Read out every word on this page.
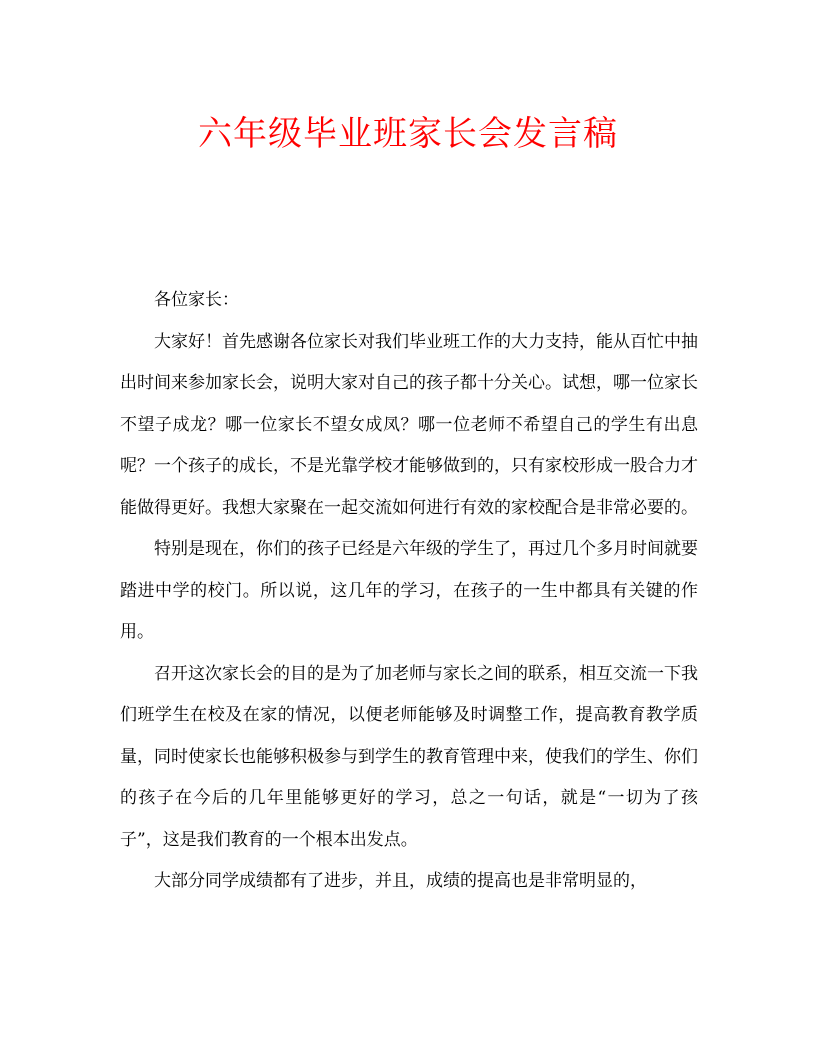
六年级毕业班家长会发言稿

各位家长：

大家好！首先感谢各位家长对我们毕业班工作的大力支持，能从百忙中抽出时间来参加家长会，说明大家对自己的孩子都十分关心。试想，哪一位家长不望子成龙？哪一位家长不望女成凤？哪一位老师不希望自己的学生有出息呢？一个孩子的成长，不是光靠学校才能够做到的，只有家校形成一股合力才能做得更好。我想大家聚在一起交流如何进行有效的家校配合是非常必要的。

特别是现在，你们的孩子已经是六年级的学生了，再过几个多月时间就要踏进中学的校门。所以说，这几年的学习，在孩子的一生中都具有关键的作用。

召开这次家长会的目的是为了加老师与家长之间的联系，相互交流一下我们班学生在校及在家的情况，以便老师能够及时调整工作，提高教育教学质量，同时使家长也能够积极参与到学生的教育管理中来，使我们的学生、你们的孩子在今后的几年里能够更好的学习，总之一句话，就是“一切为了孩子”，这是我们教育的一个根本出发点。

大部分同学成绩都有了进步，并且，成绩的提高也是非常明显的，
